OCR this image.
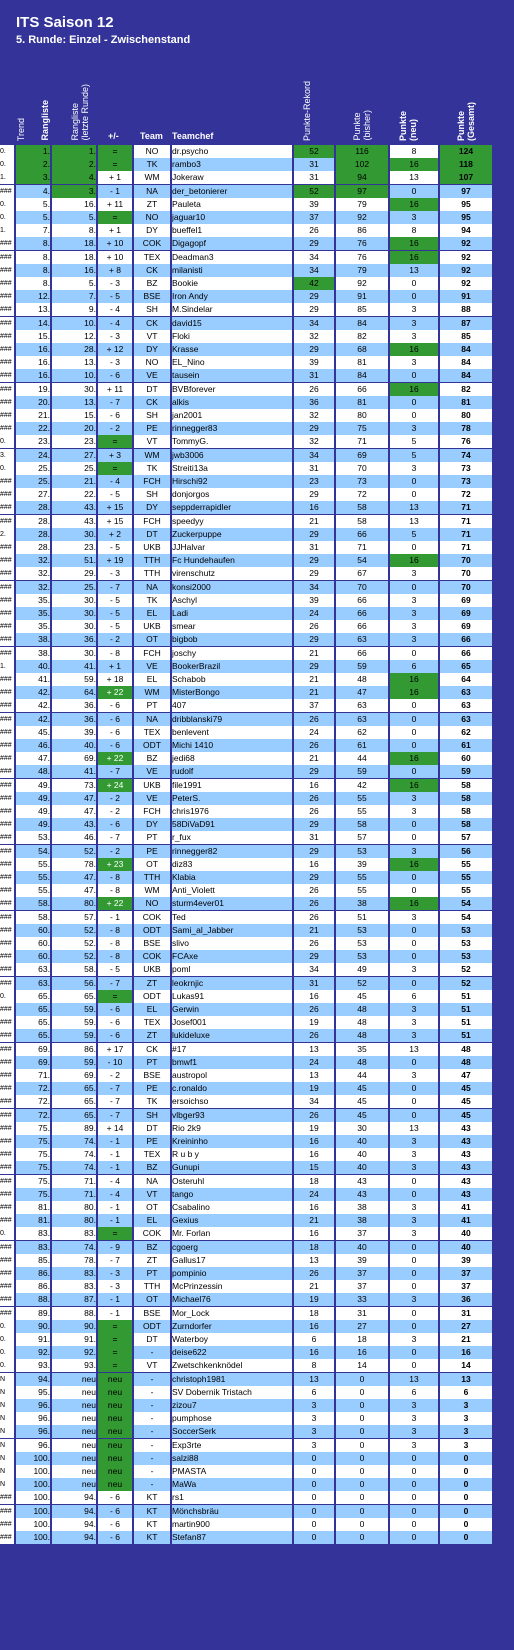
ITS Saison 12
5. Runde: Einzel - Zwischenstand
Trend Rangliste Rangliste
(letzte Runde)
+/- Team Teamchef	Punkte-Rekord	Punkte
(bisher)	Punkte
(neu)	Punkte
(Gesamt)
0.	1.	1.	=	NO	dr.psycho	52	116	8	124
0.	2.	2.	=	TK	rambo3	31	102	16	118
1.	3.	4.	+ 1	WM	Jokeraw	31	94	13	107
###	4.	3.	- 1	NA	der_betonierer	52	97	0	97
0.	5.	16.	+ 11	ZT	Pauleta	39	79	16	95
0.	5.	5.	=	NO	jaguar10	37	92	3	95
1.	7.	8.	+ 1	DY	bueffel1	26	86	8	94
###	8.	18.	+ 10	COK	Digagopf	29	76	16	92
###	8.	18.	+ 10	TEX	Deadman3	34	76	16	92
###	8.	16.	+ 8	CK	milanisti	34	79	13	92
###	8.	5.	- 3	BZ	Bookie	42	92	0	92
###	12.	7.	- 5	BSE	Iron Andy	29	91	0	91
###	13.	9.	- 4	SH	M.Sindelar	29	85	3	88
###	14.	10.	- 4	CK	david15	34	84	3	87
###	15.	12.	- 3	VT	Floki	32	82	3	85
###	16.	28.	+ 12	DY	Krasse	29	68	16	84
###	16.	13.	- 3	NO	EL_Nino	39	81	3	84
###	16.	10.	- 6	VE	tausein	31	84	0	84
###	19.	30.	+ 11	DT	BVBforever	26	66	16	82
###	20.	13.	- 7	CK	alkis	36	81	0	81
###	21.	15.	- 6	SH	jan2001	32	80	0	80
###	22.	20.	- 2	PE	rinnegger83	29	75	3	78
0.	23.	23.	=	VT	TommyG.	32	71	5	76
3.	24.	27.	+ 3	WM	jwb3006	34	69	5	74
0.	25.	25.	=	TK	Streiti13a	31	70	3	73
###	25.	21.	- 4	FCH	Hirschi92	23	73	0	73
###	27.	22.	- 5	SH	donjorgos	29	72	0	72
###	28.	43.	+ 15	DY	seppderrapidler	16	58	13	71
###	28.	43.	+ 15	FCH	speedyy	21	58	13	71
2.	28.	30.	+ 2	DT	Zuckerpuppe	29	66	5	71
###	28.	23.	- 5	UKB	JJHalvar	31	71	0	71
###	32.	51.	+ 19	TTH	Fc Hundehaufen	29	54	16	70
###	32.	29.	- 3	TTH	virenschutz	29	67	3	70
###	32.	25.	- 7	NA	konsi2000	34	70	0	70
###	35.	30.	- 5	TK	Aschyl	39	66	3	69
###	35.	30.	- 5	EL	Ladi	24	66	3	69
###	35.	30.	- 5	UKB	smear	26	66	3	69
###	38.	36.	- 2	OT	bigbob	29	63	3	66
###	38.	30.	- 8	FCH	joschy	21	66	0	66
1.	40.	41.	+ 1	VE	BookerBrazil	29	59	6	65
###	41.	59.	+ 18	EL	Schabob	21	48	16	64
###	42.	64.	+ 22	WM	MisterBongo	21	47	16	63
###	42.	36.	- 6	PT	407	37	63	0	63
###	42.	36.	- 6	NA	dribblanski79	26	63	0	63
###	45.	39.	- 6	TEX	benlevent	24	62	0	62
###	46.	40.	- 6	ODT	Michi 1410	26	61	0	61
###	47.	69.	+ 22	BZ	jedi68	21	44	16	60
###	48.	41.	- 7	VE	rudolf	29	59	0	59
###	49.	73.	+ 24	UKB	file1991	16	42	16	58
###	49.	47.	- 2	VE	PeterS.	26	55	3	58
###	49.	47.	- 2	FCH	chris1976	26	55	3	58
###	49.	43.	- 6	DY	58DiVaD91	29	58	0	58
###	53.	46.	- 7	PT	r_fux	31	57	0	57
###	54.	52.	- 2	PE	rinnegger82	29	53	3	56
###	55.	78.	+ 23	OT	diz83	16	39	16	55
###	55.	47.	- 8	TTH	Klabia	29	55	0	55
###	55.	47.	- 8	WM	Anti_Violett	26	55	0	55
###	58.	80.	+ 22	NO	sturm4ever01	26	38	16	54
###	58.	57.	- 1	COK	Ted	26	51	3	54
###	60.	52.	- 8	ODT	Sami_al_Jabber	21	53	0	53
###	60.	52.	- 8	BSE	slivo	26	53	0	53
###	60.	52.	- 8	COK	FCAxe	29	53	0	53
###	63.	58.	- 5	UKB	poml	34	49	3	52
###	63.	56.	- 7	ZT	leokrnjic	31	52	0	52
0.	65.	65.	=	ODT	Lukas91	16	45	6	51
###	65.	59.	- 6	EL	Gerwin	26	48	3	51
###	65.	59.	- 6	TEX	Josef001	19	48	3	51
###	65.	59.	- 6	ZT	lukideluxe	26	48	3	51
###	69.	86.	+ 17	CK	#17	13	35	13	48
###	69.	59.	- 10	PT	bmwf1	24	48	0	48
###	71.	69.	- 2	BSE	austropol	13	44	3	47
###	72.	65.	- 7	PE	c.ronaldo	19	45	0	45
###	72.	65.	- 7	TK	ersoichso	34	45	0	45
###	72.	65.	- 7	SH	vlbger93	26	45	0	45
###	75.	89.	+ 14	DT	Rio 2k9	19	30	13	43
###	75.	74.	- 1	PE	Kreininho	16	40	3	43
###	75.	74.	- 1	TEX	R u b y	16	40	3	43
###	75.	74.	- 1	BZ	Gunupi	15	40	3	43
###	75.	71.	- 4	NA	Osteruhl	18	43	0	43
###	75.	71.	- 4	VT	tango	24	43	0	43
###	81.	80.	- 1	OT	Csabalino	16	38	3	41
###	81.	80.	- 1	EL	Gexius	21	38	3	41
0.	83.	83.	=	COK	Mr. Forlan	16	37	3	40
###	83.	74.	- 9	BZ	cgoerg	18	40	0	40
###	85.	78.	- 7	ZT	Gallus17	13	39	0	39
###	86.	83.	- 3	PT	pompinio	26	37	0	37
###	86.	83.	- 3	TTH	McPrinzessin	21	37	0	37
###	88.	87.	- 1	OT	Michael76	19	33	3	36
###	89.	88.	- 1	BSE	Mor_Lock	18	31	0	31
0.	90.	90.	=	ODT	Zurndorfer	16	27	0	27
0.	91.	91.	=	DT	Waterboy	6	18	3	21
0.	92.	92.	=	-	deise622	16	16	0	16
0.	93.	93.	=	VT	Zwetschkenknödel	8	14	0	14
N	94.	neu	neu	-	christoph1981	13	0	13	13
N	95.	neu	neu	-	SV Dobernik Tristach	6	0	6	6
N	96.	neu	neu	-	zizou7	3	0	3	3
N	96.	neu	neu	-	pumphose	3	0	3	3
N	96.	neu	neu	-	SoccerSerk	3	0	3	3
N	96.	neu	neu	-	Exp3rte	3	0	3	3
N	100.	neu	neu	-	salzi88	0	0	0	0
N	100.	neu	neu	-	PMASTA	0	0	0	0
N	100.	neu	neu	-	MaWa	0	0	0	0
###	100.	94.	- 6	KT	rs1	0	0	0	0
###	100.	94.	- 6	KT	Mönchsbräu	0	0	0	0
###	100.	94.	- 6	KT	martin900	0	0	0	0
###	100.	94.	- 6	KT	Stefan87	0	0	0	0
